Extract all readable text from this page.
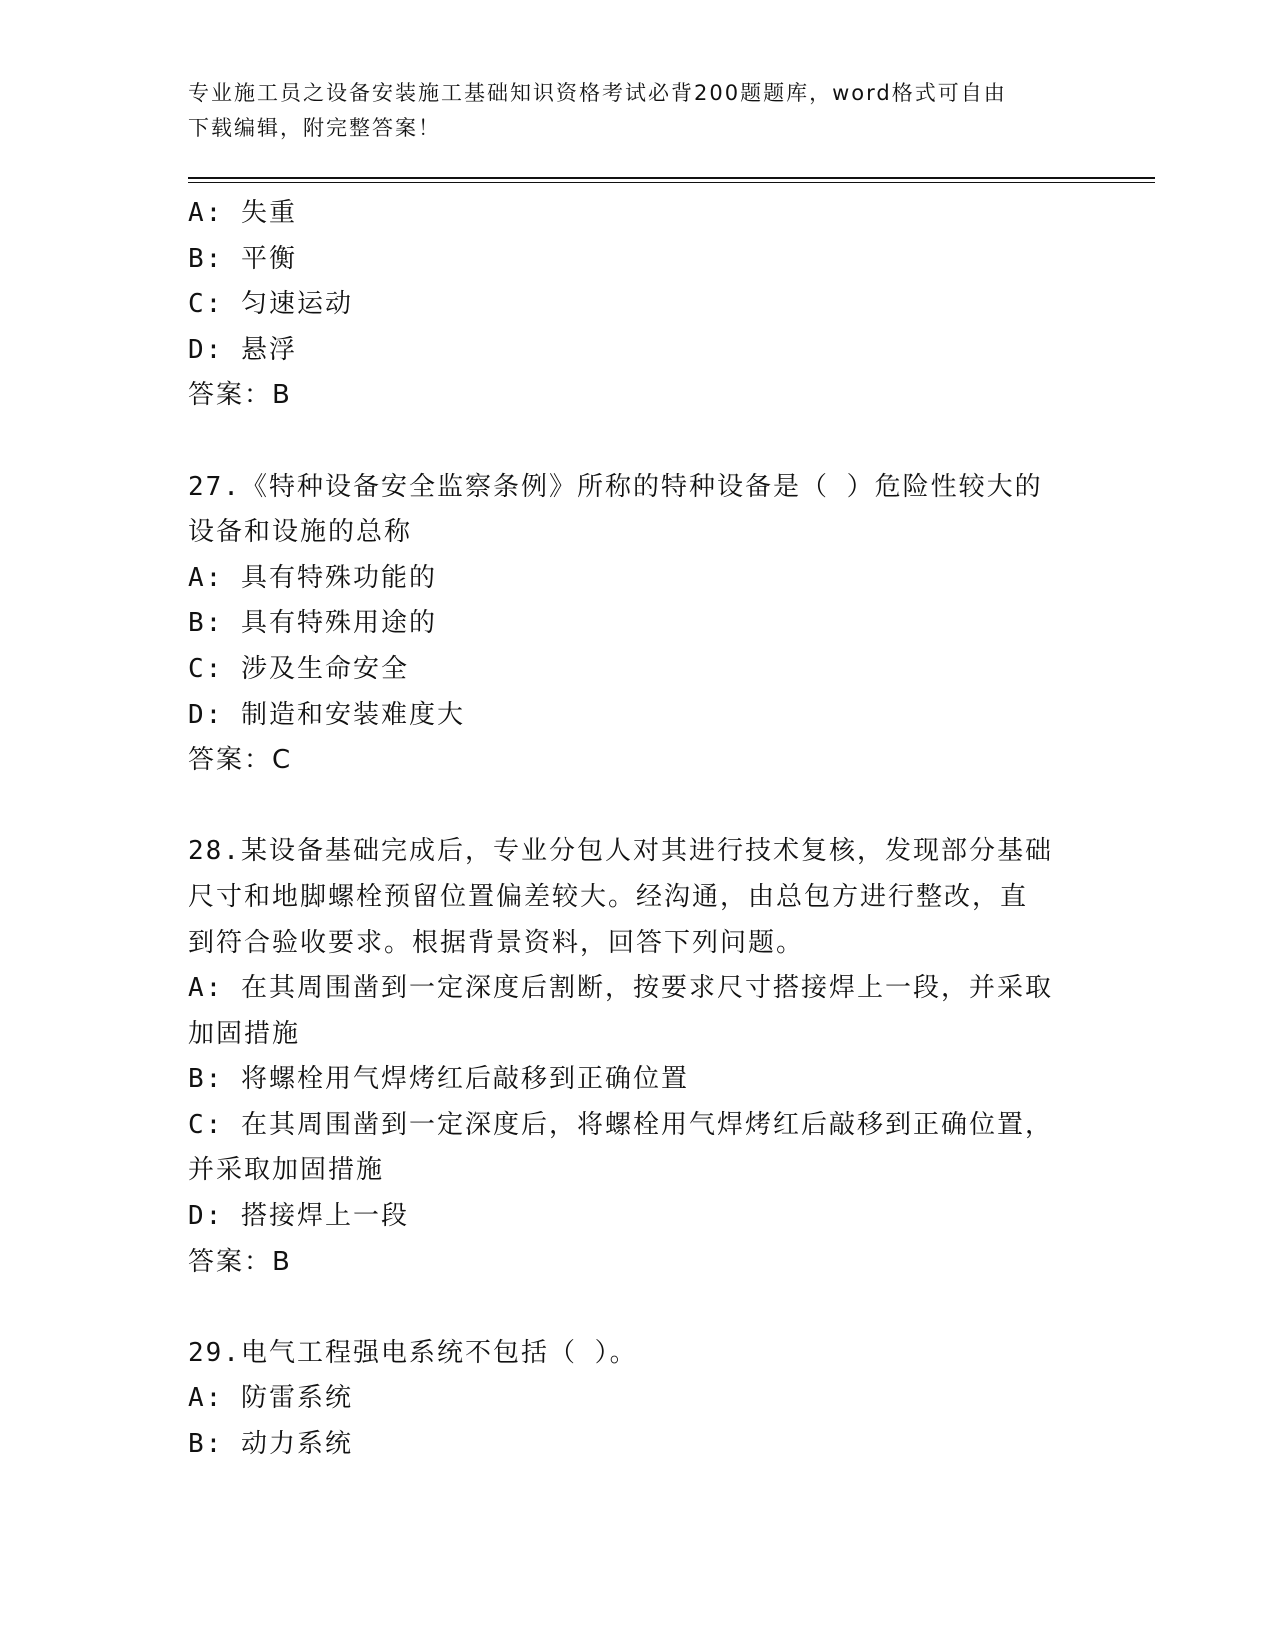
专业施工员之设备安装施工基础知识资格考试必背200题题库，word格式可自由
下载编辑，附完整答案！
A: 失重
B: 平衡
C: 匀速运动
D: 悬浮
答案：B
27.《特种设备安全监察条例》所称的特种设备是（ ）危险性较大的
设备和设施的总称
A: 具有特殊功能的
B: 具有特殊用途的
C: 涉及生命安全
D: 制造和安装难度大
答案：C
28.某设备基础完成后，专业分包人对其进行技术复核，发现部分基础
尺寸和地脚螺栓预留位置偏差较大。经沟通，由总包方进行整改，直
到符合验收要求。根据背景资料，回答下列问题。
A: 在其周围凿到一定深度后割断，按要求尺寸搭接焊上一段，并采取
加固措施
B: 将螺栓用气焊烤红后敲移到正确位置
C: 在其周围凿到一定深度后，将螺栓用气焊烤红后敲移到正确位置，
并采取加固措施
D: 搭接焊上一段
答案：B
29.电气工程强电系统不包括（ ）。
A: 防雷系统
B: 动力系统
